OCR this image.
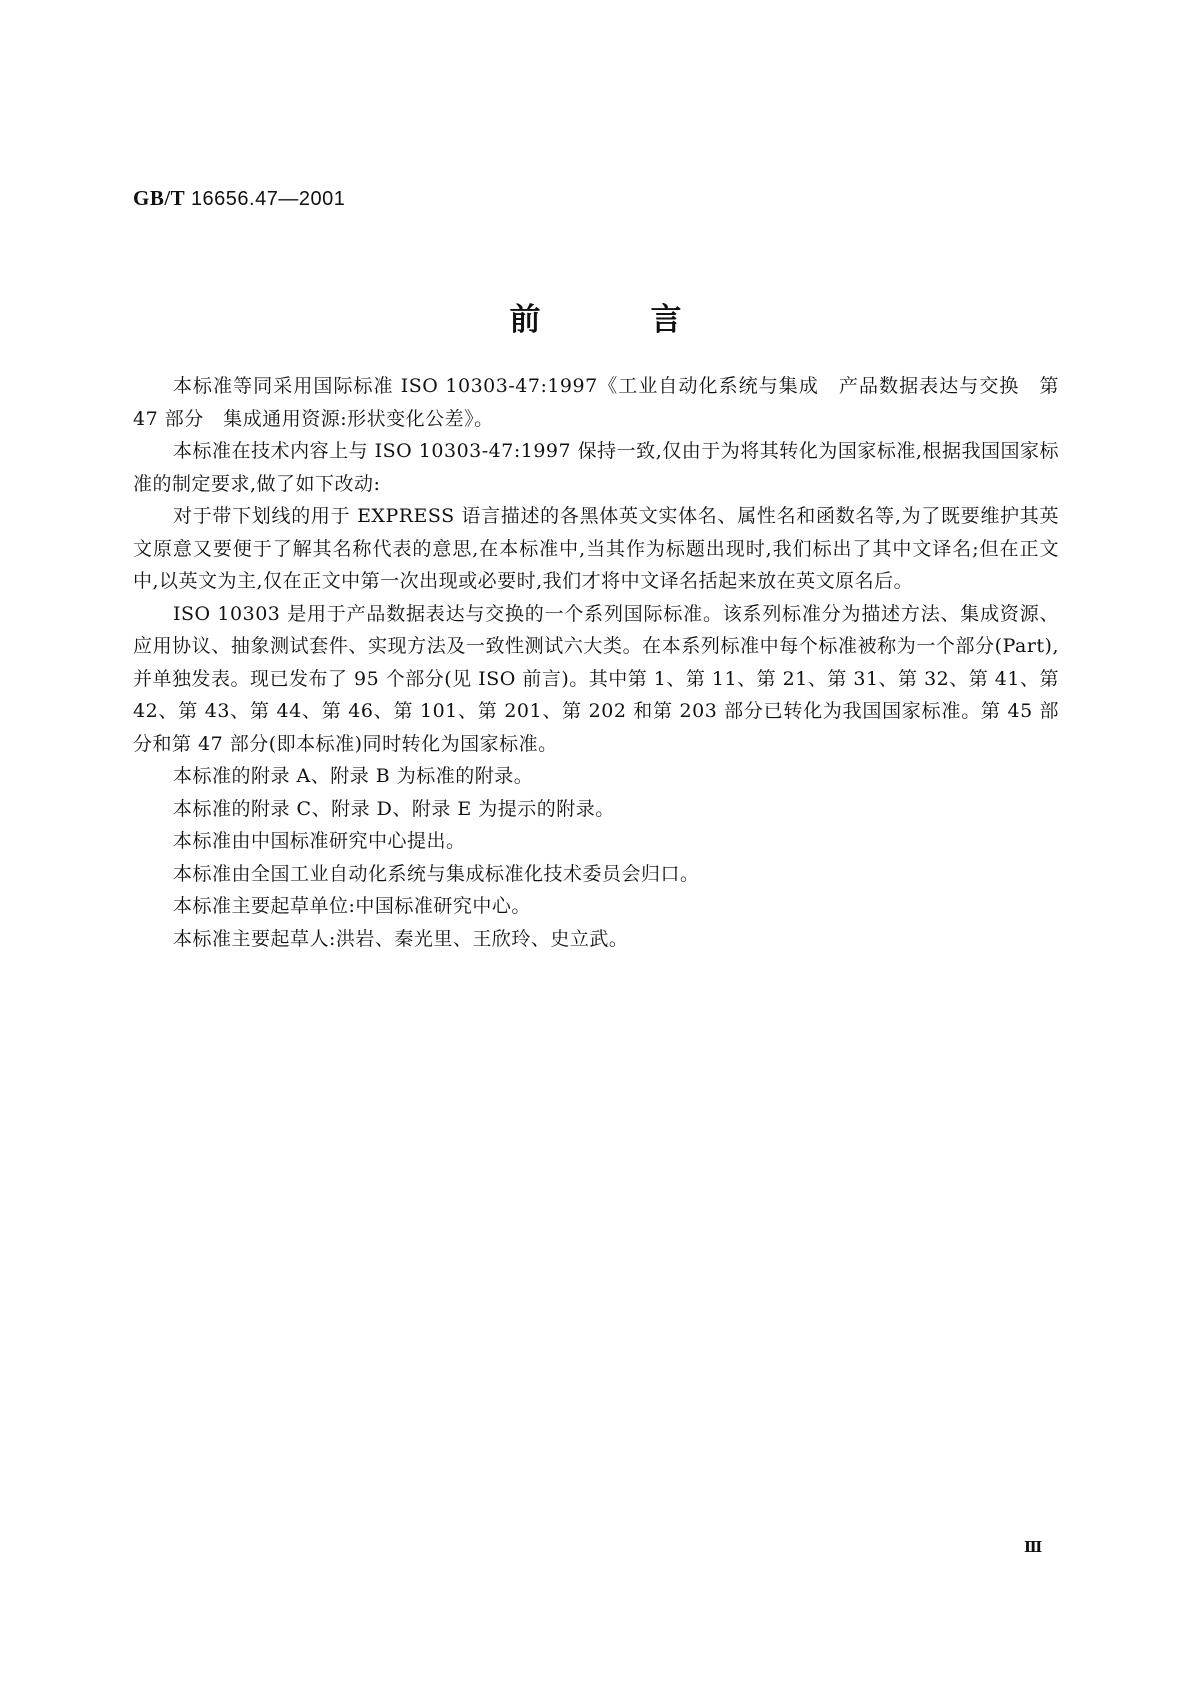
GB/T 16656.47—2001
前言

本标准等同采用国际标准 ISO 10303-47:1997《工业自动化系统与集成　产品数据表达与交换　第 47 部分　集成通用资源:形状变化公差》。

本标准在技术内容上与 ISO 10303-47:1997 保持一致,仅由于为将其转化为国家标准,根据我国国家标准的制定要求,做了如下改动:

对于带下划线的用于 EXPRESS 语言描述的各黑体英文实体名、属性名和函数名等,为了既要维护其英文原意又要便于了解其名称代表的意思,在本标准中,当其作为标题出现时,我们标出了其中文译名;但在正文中,以英文为主,仅在正文中第一次出现或必要时,我们才将中文译名括起来放在英文原名后。

ISO 10303 是用于产品数据表达与交换的一个系列国际标准。该系列标准分为描述方法、集成资源、应用协议、抽象测试套件、实现方法及一致性测试六大类。在本系列标准中每个标准被称为一个部分(Part),并单独发表。现已发布了 95 个部分(见 ISO 前言)。其中第 1、第 11、第 21、第 31、第 32、第 41、第 42、第 43、第 44、第 46、第 101、第 201、第 202 和第 203 部分已转化为我国国家标准。第 45 部分和第 47 部分(即本标准)同时转化为国家标准。

本标准的附录 A、附录 B 为标准的附录。

本标准的附录 C、附录 D、附录 E 为提示的附录。

本标准由中国标准研究中心提出。

本标准由全国工业自动化系统与集成标准化技术委员会归口。

本标准主要起草单位:中国标准研究中心。

本标准主要起草人:洪岩、秦光里、王欣玲、史立武。

Ⅲ
